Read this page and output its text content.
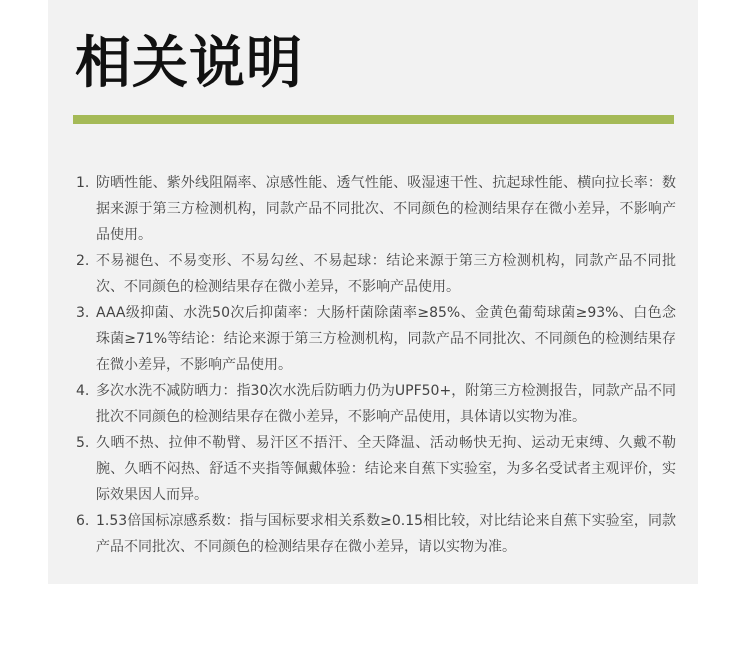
相关说明
1. 防晒性能、紫外线阻隔率、凉感性能、透气性能、吸湿速干性、抗起球性能、横向拉长率：数据来源于第三方检测机构，同款产品不同批次、不同颜色的检测结果存在微小差异，不影响产品使用。
2. 不易褪色、不易变形、不易勾丝、不易起球：结论来源于第三方检测机构，同款产品不同批次、不同颜色的检测结果存在微小差异，不影响产品使用。
3. AAA级抑菌、水洗50次后抑菌率：大肠杆菌除菌率≥85%、金黄色葡萄球菌≥93%、白色念珠菌≥71%等结论：结论来源于第三方检测机构，同款产品不同批次、不同颜色的检测结果存在微小差异，不影响产品使用。
4. 多次水洗不减防晒力：指30次水洗后防晒力仍为UPF50+，附第三方检测报告，同款产品不同批次不同颜色的检测结果存在微小差异，不影响产品使用，具体请以实物为准。
5. 久晒不热、拉伸不勒臂、易汗区不捂汗、全天降温、活动畅快无拘、运动无束缚、久戴不勒腕、久晒不闷热、舒适不夹指等佩戴体验：结论来自蕉下实验室，为多名受试者主观评价，实际效果因人而异。
6. 1.53倍国标凉感系数：指与国标要求相关系数≥0.15相比较，对比结论来自蕉下实验室，同款产品不同批次、不同颜色的检测结果存在微小差异，请以实物为准。
